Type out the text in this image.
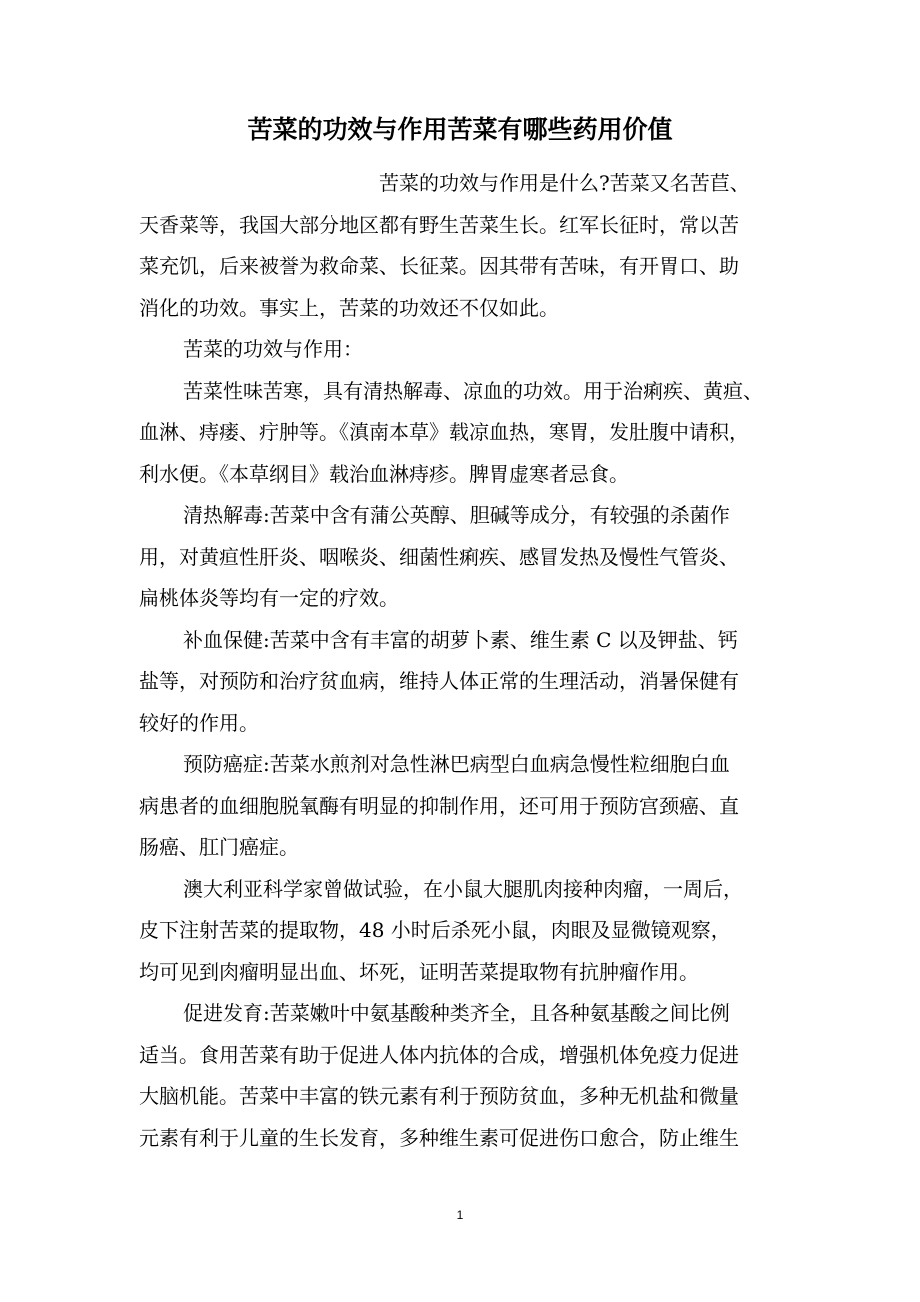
苦菜的功效与作用苦菜有哪些药用价值
苦菜的功效与作用是什么?苦菜又名苦苣、
天香菜等，我国大部分地区都有野生苦菜生长。红军长征时，常以苦
菜充饥，后来被誉为救命菜、长征菜。因其带有苦味，有开胃口、助
消化的功效。事实上，苦菜的功效还不仅如此。
苦菜的功效与作用：
苦菜性味苦寒，具有清热解毒、凉血的功效。用于治痢疾、黄疸、
血淋、痔瘘、疔肿等。《滇南本草》载凉血热，寒胃，发肚腹中请积，
利水便。《本草纲目》载治血淋痔疹。脾胃虚寒者忌食。
清热解毒:苦菜中含有蒲公英醇、胆碱等成分，有较强的杀菌作
用，对黄疸性肝炎、咽喉炎、细菌性痢疾、感冒发热及慢性气管炎、
扁桃体炎等均有一定的疗效。
补血保健:苦菜中含有丰富的胡萝卜素、维生素 C 以及钾盐、钙
盐等，对预防和治疗贫血病，维持人体正常的生理活动，消暑保健有
较好的作用。
预防癌症:苦菜水煎剂对急性淋巴病型白血病急慢性粒细胞白血
病患者的血细胞脱氧酶有明显的抑制作用，还可用于预防宫颈癌、直
肠癌、肛门癌症。
澳大利亚科学家曾做试验，在小鼠大腿肌肉接种肉瘤，一周后，
皮下注射苦菜的提取物，48 小时后杀死小鼠，肉眼及显微镜观察，
均可见到肉瘤明显出血、坏死，证明苦菜提取物有抗肿瘤作用。
促进发育:苦菜嫩叶中氨基酸种类齐全，且各种氨基酸之间比例
适当。食用苦菜有助于促进人体内抗体的合成，增强机体免疫力促进
大脑机能。苦菜中丰富的铁元素有利于预防贫血，多种无机盐和微量
元素有利于儿童的生长发育，多种维生素可促进伤口愈合，防止维生
1
